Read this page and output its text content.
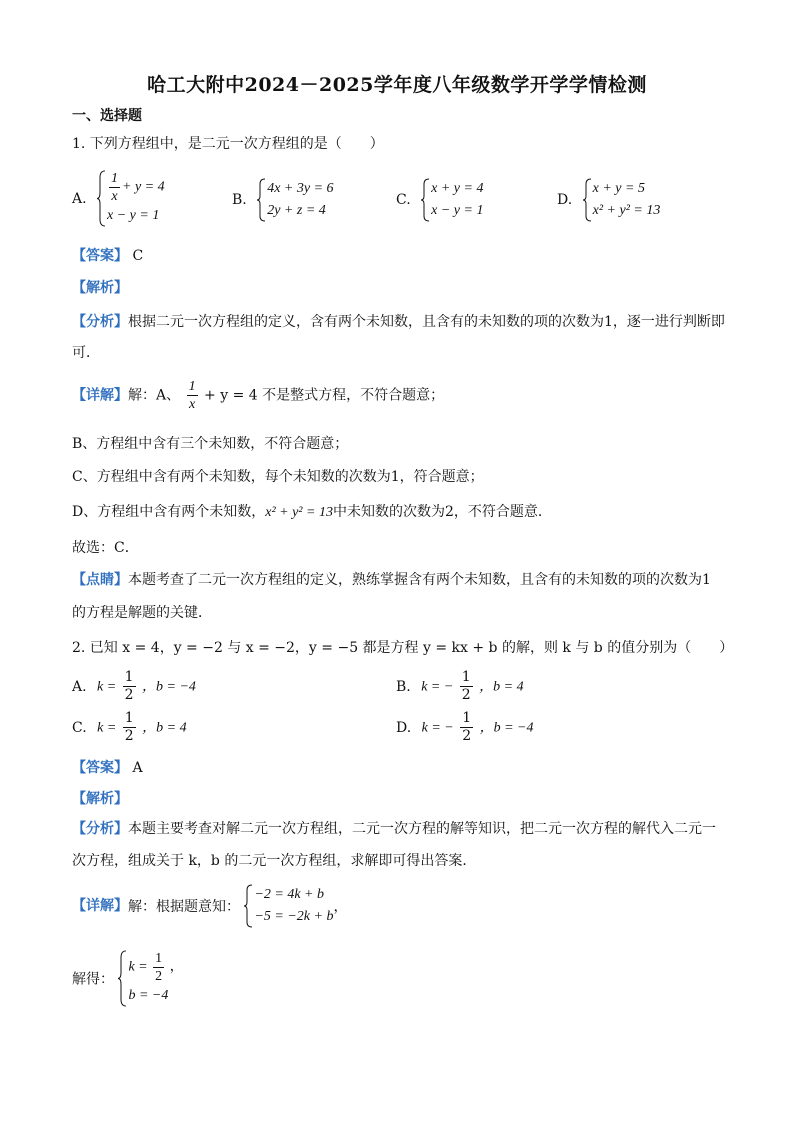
哈工大附中2024－2025学年度八年级数学开学学情检测
一、选择题
1. 下列方程组中，是二元一次方程组的是（　　）
A. $\frac{1}{x} + y = 4$
x − y = 1
B.
4x + 3y = 6
2y + z = 4
C.
x + y = 4
x − y = 1
D.
x + y = 5
x² + y² = 13
【答案】 C
【解析】
【分析】根据二元一次方程组的定义，含有两个未知数，且含有的未知数的项的次数为1，逐一进行判断即
可．
【详解】解：A、 $\frac{1}{x} + y = 4$ 不是整式方程，不符合题意；
B、方程组中含有三个未知数，不符合题意；
C、方程组中含有两个未知数，每个未知数的次数为1，符合题意；
D、方程组中含有两个未知数，x² + y² = 13中未知数的次数为2，不符合题意．
故选：C．
【点睛】本题考查了二元一次方程组的定义，熟练掌握含有两个未知数，且含有的未知数的项的次数为1
的方程是解题的关键．
2. 已知 x = 4，y = −2 与 x = −2，y = −5 都是方程 y = kx + b 的解，则 k 与 b 的值分别为（　　）
A. $k = \frac{1}{2}$ ，b = −4	B. k = − $\frac{1}{2}$ ，b = 4
C. $k = \frac{1}{2}$ ，b = 4	D. k = − $\frac{1}{2}$ ，b = −4
【答案】 A
【解析】
【分析】本题主要考查对解二元一次方程组，二元一次方程的解等知识，把二元一次方程的解代入二元一
次方程，组成关于 k，b 的二元一次方程组，求解即可得出答案．
【详解】解：根据题意知：
−2 = 4k + b
−5 = −2k + b
，
解得：
$k = \frac{1}{2}$ ，
b = −4
